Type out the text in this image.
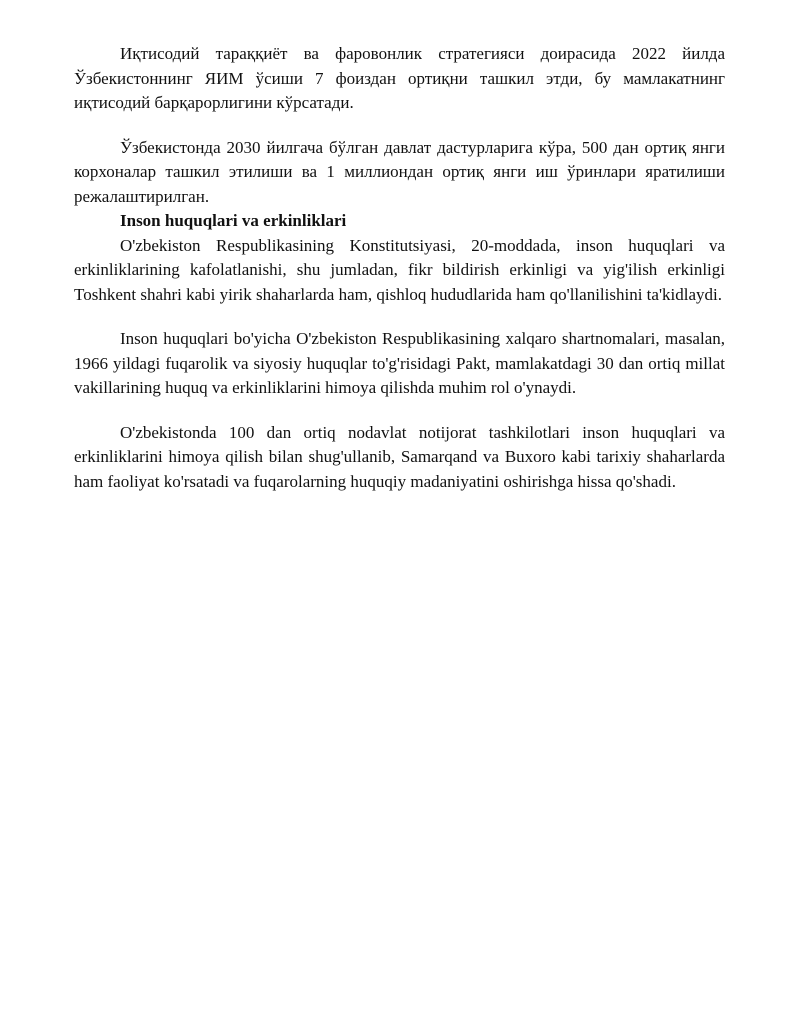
Иқтисодий тараққиёт ва фаровонлик стратегияси доирасида 2022 йилда Ўзбекистоннинг ЯИМ ўсиши 7 фоиздан ортиқни ташкил этди, бу мамлакатнинг иқтисодий барқарорлигини кўрсатади.

Ўзбекистонда 2030 йилгача бўлган давлат дастурларига кўра, 500 дан ортиқ янги корхоналар ташкил этилиши ва 1 миллиондан ортиқ янги иш ўринлари яратилиши режалаштирилган.

Inson huquqlari va erkinliklari

O'zbekiston Respublikasining Konstitutsiyasi, 20-moddada, inson huquqlari va erkinliklarining kafolatlanishi, shu jumladan, fikr bildirish erkinligi va yig'ilish erkinligi Toshkent shahri kabi yirik shaharlarda ham, qishloq hududlarida ham qo'llanilishini ta'kidlaydi.

Inson huquqlari bo'yicha O'zbekiston Respublikasining xalqaro shartnomalari, masalan, 1966 yildagi fuqarolik va siyosiy huquqlar to'g'risidagi Pakt, mamlakatdagi 30 dan ortiq millat vakillarining huquq va erkinliklarini himoya qilishda muhim rol o'ynaydi.

O'zbekistonda 100 dan ortiq nodavlat notijorat tashkilotlari inson huquqlari va erkinliklarini himoya qilish bilan shug'ullanib, Samarqand va Buxoro kabi tarixiy shaharlarda ham faoliyat ko'rsatadi va fuqarolarning huquqiy madaniyatini oshirishga hissa qo'shadi.
